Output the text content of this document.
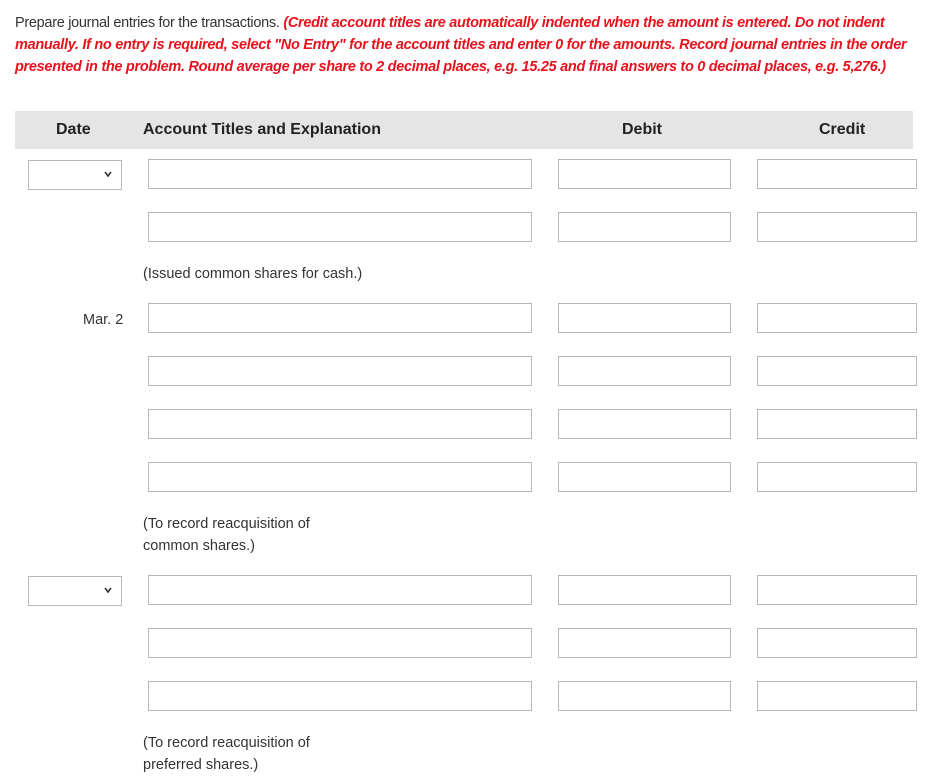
Prepare journal entries for the transactions. (Credit account titles are automatically indented when the amount is entered. Do not indent manually. If no entry is required, select "No Entry" for the account titles and enter 0 for the amounts. Record journal entries in the order presented in the problem. Round average per share to 2 decimal places, e.g. 15.25 and final answers to 0 decimal places, e.g. 5,276.)
Date	Account Titles and Explanation	Debit	Credit
(Issued common shares for cash.)
Mar. 2
(To record reacquisition of
common shares.)
(To record reacquisition of
preferred shares.)
